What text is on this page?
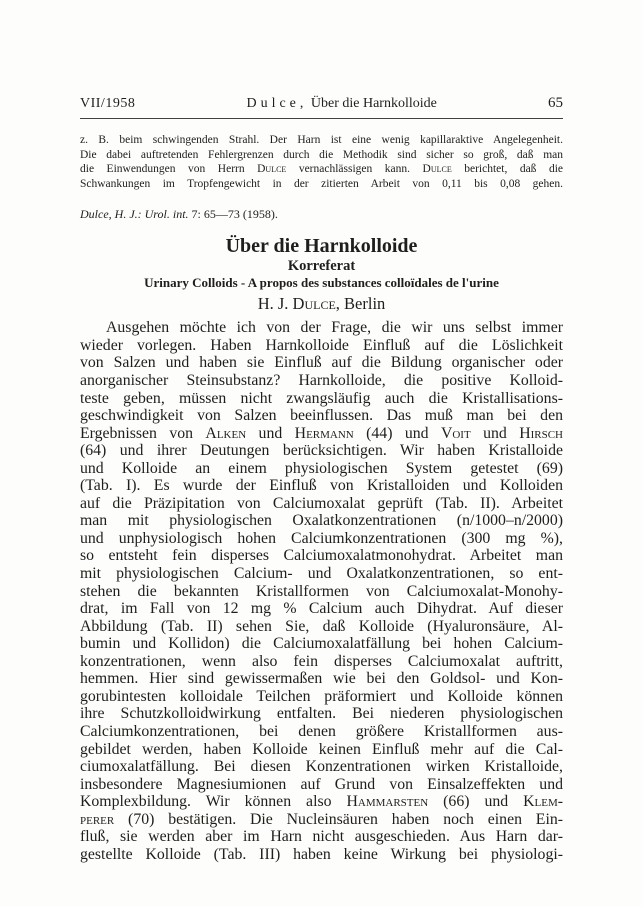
VII/1958	Dulce, Über die Harnkolloide	65
z. B. beim schwingenden Strahl. Der Harn ist eine wenig kapillaraktive Angelegenheit.
Die dabei auftretenden Fehlergrenzen durch die Methodik sind sicher so groß, daß man
die Einwendungen von Herrn Dulce vernachlässigen kann. Dulce berichtet, daß die
Schwankungen im Tropfengewicht in der zitierten Arbeit von 0,11 bis 0,08 gehen.

Dulce, H. J.: Urol. int. 7: 65—73 (1958).

Über die Harnkolloide
Korreferat
Urinary Colloids - A propos des substances colloïdales de l'urine
H. J. Dulce, Berlin
Ausgehen möchte ich von der Frage, die wir uns selbst immer
wieder vorlegen. Haben Harnkolloide Einfluß auf die Löslichkeit
von Salzen und haben sie Einfluß auf die Bildung organischer oder
anorganischer Steinsubstanz? Harnkolloide, die positive Kolloid-
teste geben, müssen nicht zwangsläufig auch die Kristallisations-
geschwindigkeit von Salzen beeinflussen. Das muß man bei den
Ergebnissen von Alken und Hermann (44) und Voit und Hirsch
(64) und ihrer Deutungen berücksichtigen. Wir haben Kristalloide
und Kolloide an einem physiologischen System getestet (69)
(Tab. I). Es wurde der Einfluß von Kristalloiden und Kolloiden
auf die Präzipitation von Calciumoxalat geprüft (Tab. II). Arbeitet
man mit physiologischen Oxalatkonzentrationen (n/1000–n/2000)
und unphysiologisch hohen Calciumkonzentrationen (300 mg %),
so entsteht fein disperses Calciumoxalatmonohydrat. Arbeitet man
mit physiologischen Calcium- und Oxalatkonzentrationen, so ent-
stehen die bekannten Kristallformen von Calciumoxalat-Monohy-
drat, im Fall von 12 mg % Calcium auch Dihydrat. Auf dieser
Abbildung (Tab. II) sehen Sie, daß Kolloide (Hyaluronsäure, Al-
bumin und Kollidon) die Calciumoxalatfällung bei hohen Calcium-
konzentrationen, wenn also fein disperses Calciumoxalat auftritt,
hemmen. Hier sind gewissermaßen wie bei den Goldsol- und Kon-
gorubintesten kolloidale Teilchen präformiert und Kolloide können
ihre Schutzkolloidwirkung entfalten. Bei niederen physiologischen
Calciumkonzentrationen, bei denen größere Kristallformen aus-
gebildet werden, haben Kolloide keinen Einfluß mehr auf die Cal-
ciumoxalatfällung. Bei diesen Konzentrationen wirken Kristalloide,
insbesondere Magnesiumionen auf Grund von Einsalzeffekten und
Komplexbildung. Wir können also Hammarsten (66) und Klem-
perer (70) bestätigen. Die Nucleinsäuren haben noch einen Ein-
fluß, sie werden aber im Harn nicht ausgeschieden. Aus Harn dar-
gestellte Kolloide (Tab. III) haben keine Wirkung bei physiologi-
